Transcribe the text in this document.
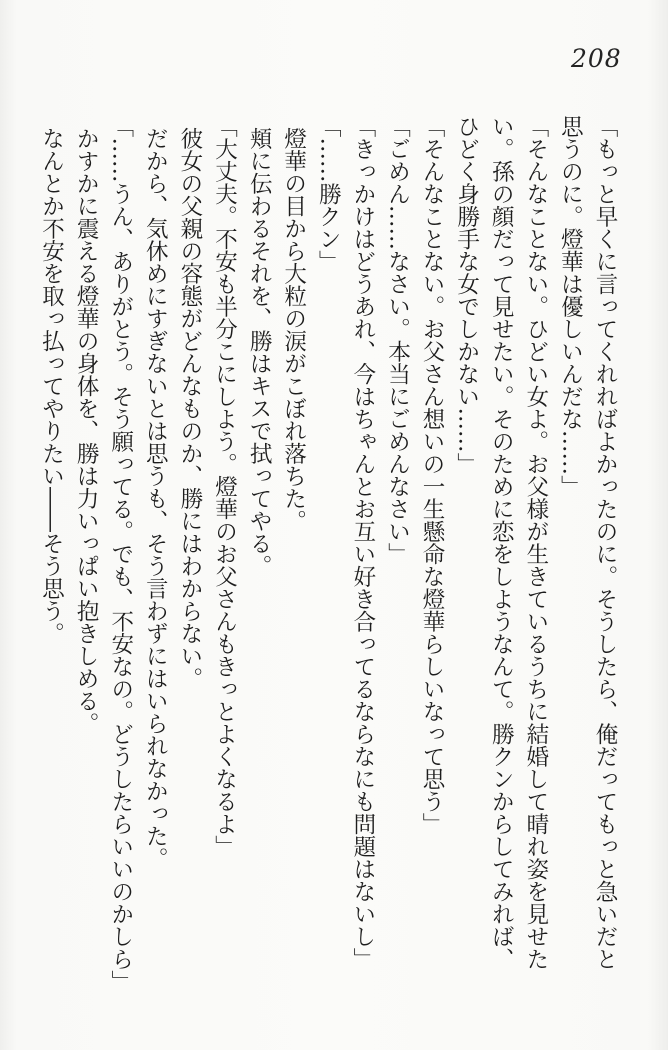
208
「もっと早くに言ってくれればよかったのに。そうしたら、俺だってもっと急いだと
思うのに。燈華は優しいんだな……」
「そんなことない。ひどい女よ。お父様が生きているうちに結婚して晴れ姿を見せた
い。孫の顔だって見せたい。そのために恋をしようなんて。勝クンからしてみれば、
ひどく身勝手な女でしかない……」
「そんなことない。お父さん想いの一生懸命な燈華らしいなって思う」
「ごめん……なさい。本当にごめんなさい」
「きっかけはどうあれ、今はちゃんとお互い好き合ってるならなにも問題はないし」
「……勝クン」
燈華の目から大粒の涙がこぼれ落ちた。
頬に伝わるそれを、勝はキスで拭ってやる。
「大丈夫。不安も半分こにしよう。燈華のお父さんもきっとよくなるよ」
彼女の父親の容態がどんなものか、勝にはわからない。
だから、気休めにすぎないとは思うも、そう言わずにはいられなかった。
「……うん、ありがとう。そう願ってる。でも、不安なの。どうしたらいいのかしら」
かすかに震える燈華の身体を、勝は力いっぱい抱きしめる。
なんとか不安を取っ払ってやりたい――そう思う。
